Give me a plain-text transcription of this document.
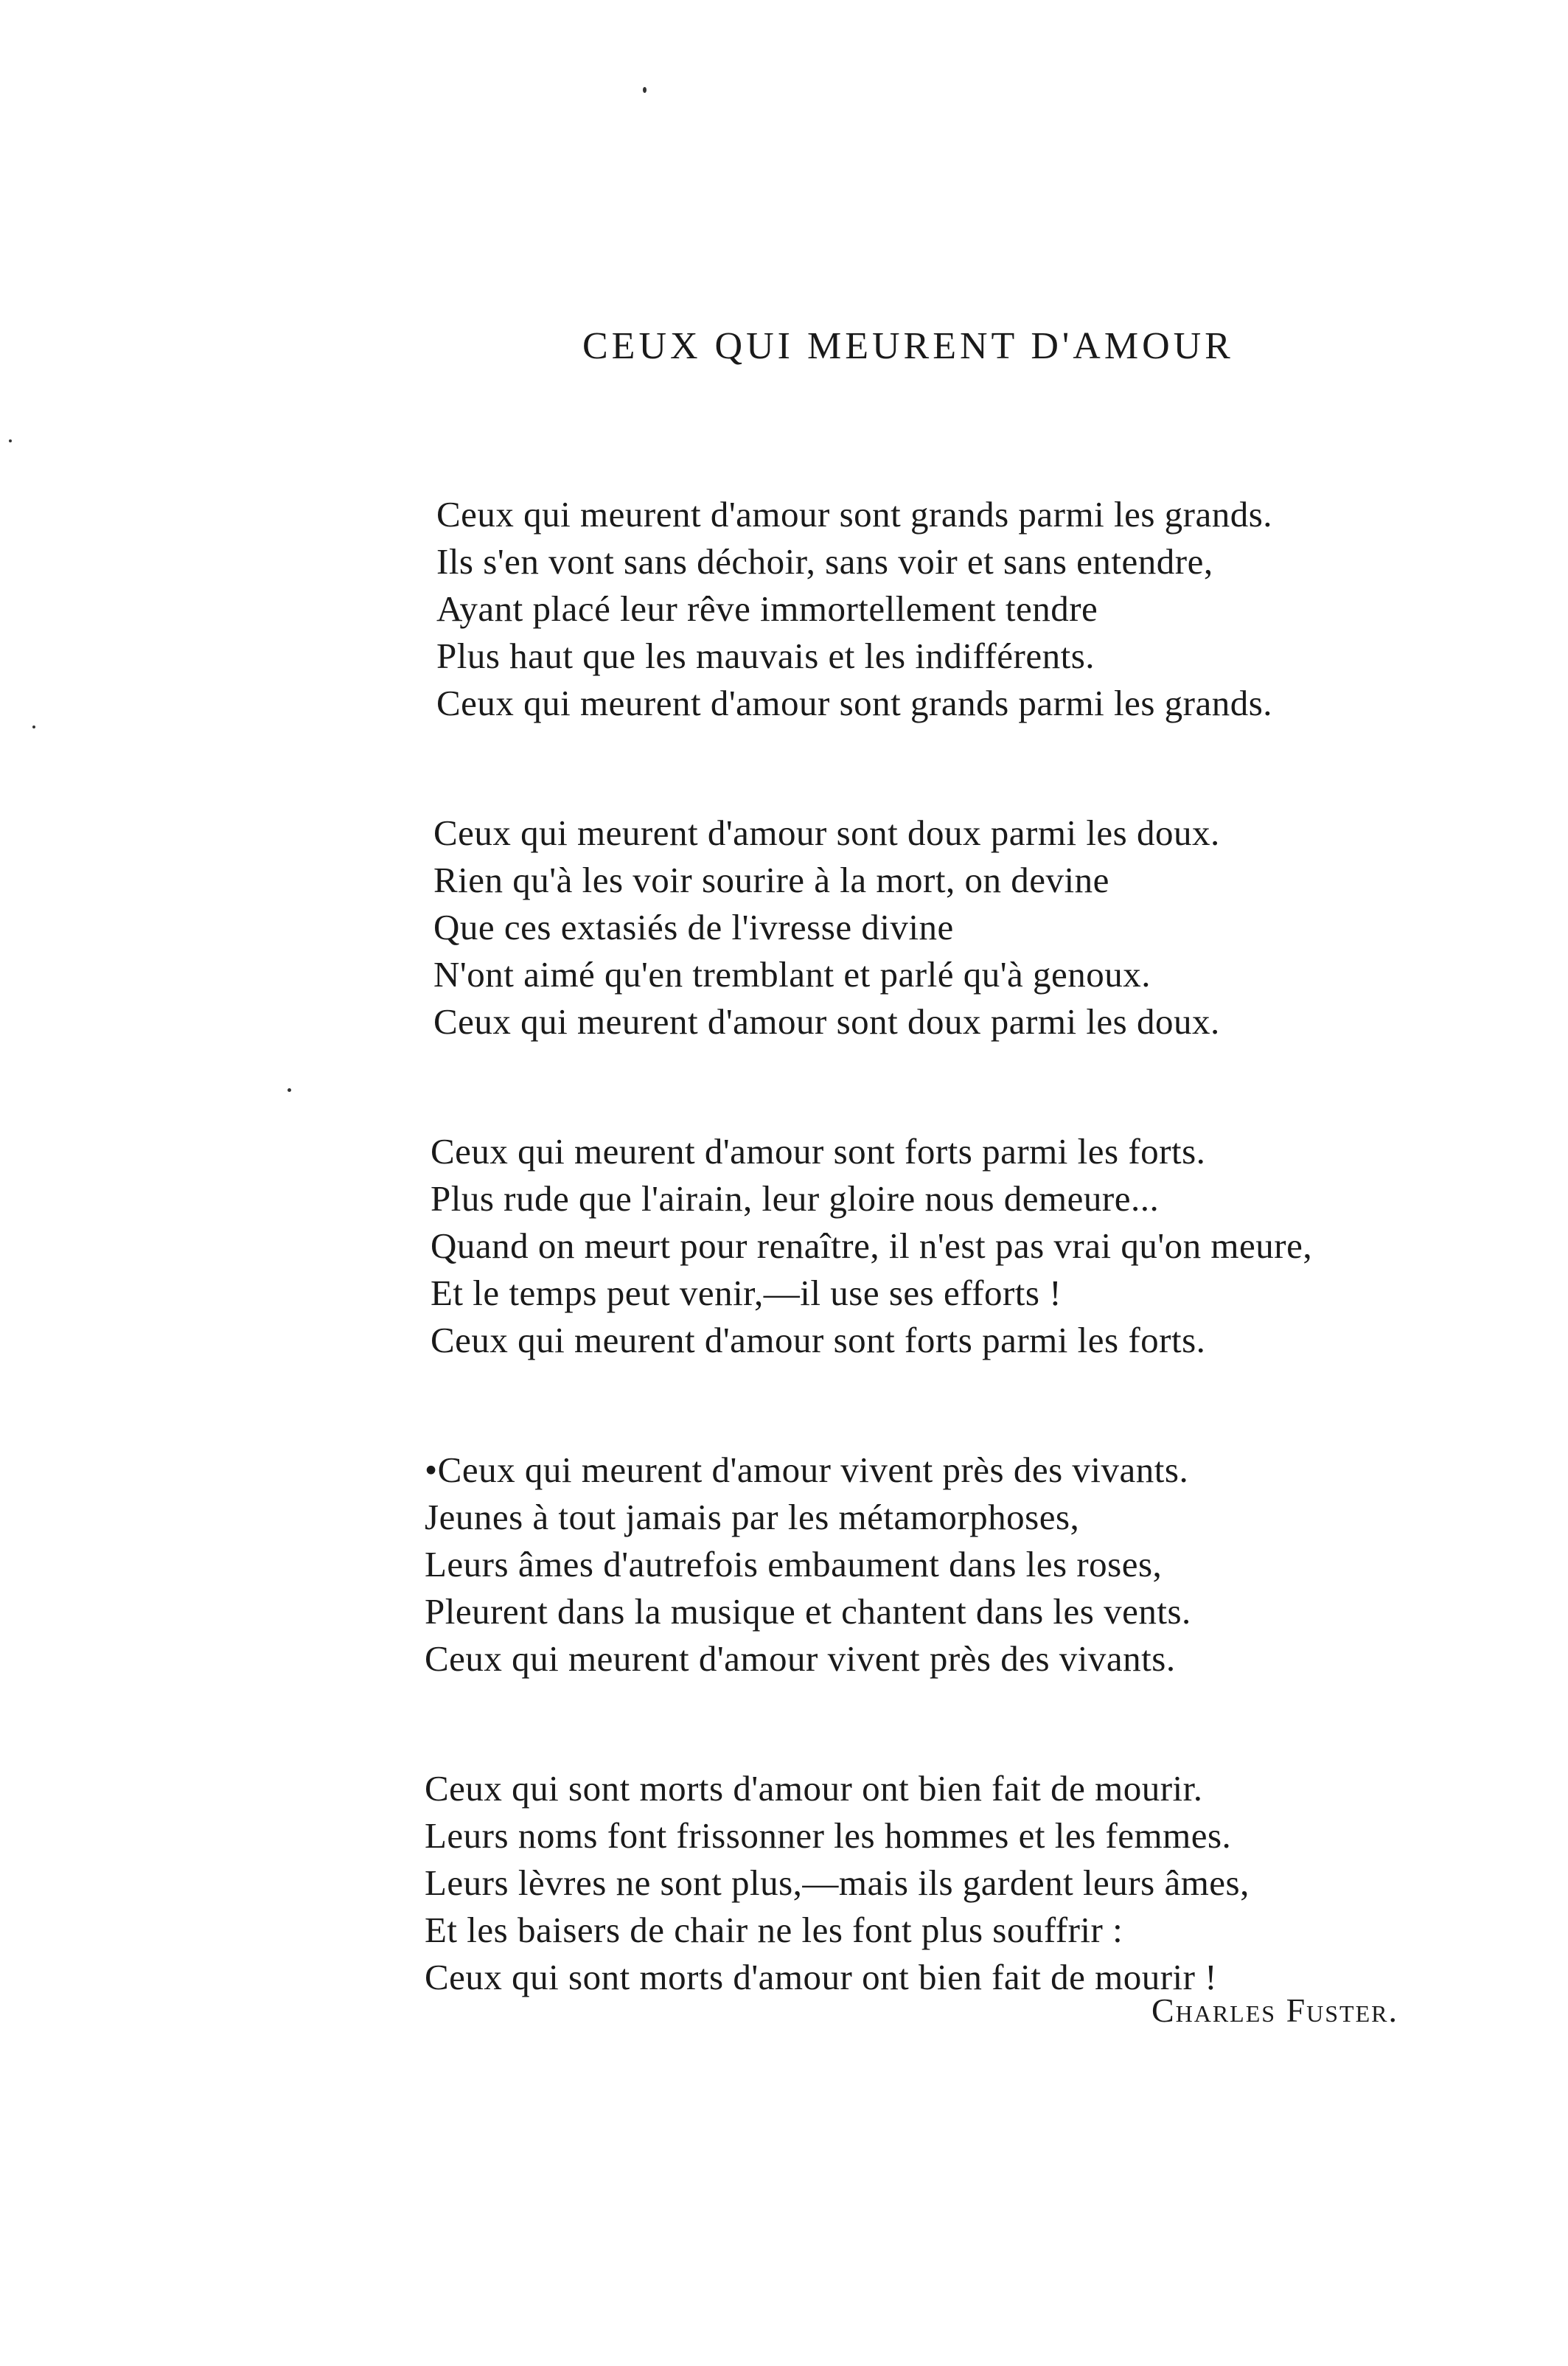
CEUX QUI MEURENT D'AMOUR
Ceux qui meurent d'amour sont grands parmi les grands.
Ils s'en vont sans déchoir, sans voir et sans entendre,
Ayant placé leur rêve immortellement tendre
Plus haut que les mauvais et les indifférents.
Ceux qui meurent d'amour sont grands parmi les grands.
Ceux qui meurent d'amour sont doux parmi les doux.
Rien qu'à les voir sourire à la mort, on devine
Que ces extasiés de l'ivresse divine
N'ont aimé qu'en tremblant et parlé qu'à genoux.
Ceux qui meurent d'amour sont doux parmi les doux.
Ceux qui meurent d'amour sont forts parmi les forts.
Plus rude que l'airain, leur gloire nous demeure...
Quand on meurt pour renaître, il n'est pas vrai qu'on meure,
Et le temps peut venir,—il use ses efforts !
Ceux qui meurent d'amour sont forts parmi les forts.
•Ceux qui meurent d'amour vivent près des vivants.
Jeunes à tout jamais par les métamorphoses,
Leurs âmes d'autrefois embaument dans les roses,
Pleurent dans la musique et chantent dans les vents.
Ceux qui meurent d'amour vivent près des vivants.
Ceux qui sont morts d'amour ont bien fait de mourir.
Leurs noms font frissonner les hommes et les femmes.
Leurs lèvres ne sont plus,—mais ils gardent leurs âmes,
Et les baisers de chair ne les font plus souffrir :
Ceux qui sont morts d'amour ont bien fait de mourir !
Charles Fuster.
